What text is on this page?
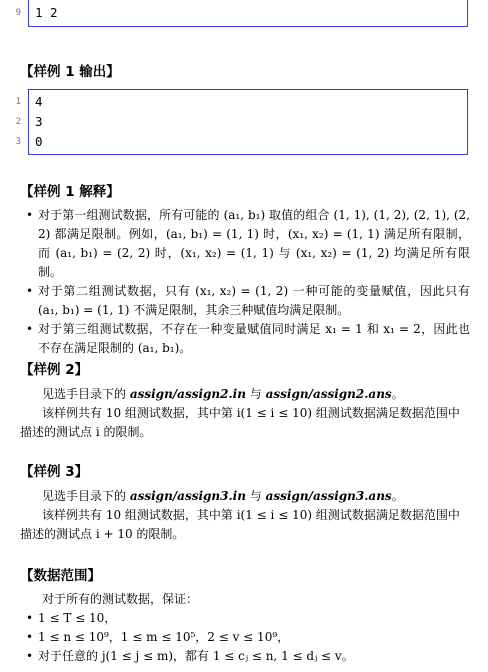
9 1 2
【样例 1 输出】
1 4
2 3
3 0
【样例 1 解释】
• 对于第一组测试数据，所有可能的 (a₁, b₁) 取值的组合 (1, 1), (1, 2), (2, 1), (2, 2) 都满足限制。例如，(a₁, b₁) = (1, 1) 时，(x₁, x₂) = (1, 1) 满足所有限制，而 (a₁, b₁) = (2, 2) 时，(x₁, x₂) = (1, 1) 与 (x₁, x₂) = (1, 2) 均满足所有限制。
• 对于第二组测试数据，只有 (x₁, x₂) = (1, 2) 一种可能的变量赋值，因此只有 (a₁, b₁) = (1, 1) 不满足限制，其余三种赋值均满足限制。
• 对于第三组测试数据，不存在一种变量赋值同时满足 x₁ = 1 和 x₁ = 2，因此也不存在满足限制的 (a₁, b₁)。
【样例 2】
见选手目录下的 assign/assign2.in 与 assign/assign2.ans。
该样例共有 10 组测试数据，其中第 i(1 ≤ i ≤ 10) 组测试数据满足数据范围中描述的测试点 i 的限制。
【样例 3】
见选手目录下的 assign/assign3.in 与 assign/assign3.ans。
该样例共有 10 组测试数据，其中第 i(1 ≤ i ≤ 10) 组测试数据满足数据范围中描述的测试点 i + 10 的限制。
【数据范围】
对于所有的测试数据，保证：
• 1 ≤ T ≤ 10，
• 1 ≤ n ≤ 10⁹，1 ≤ m ≤ 10⁵，2 ≤ v ≤ 10⁹，
• 对于任意的 j(1 ≤ j ≤ m)，都有 1 ≤ cⱼ ≤ n, 1 ≤ dⱼ ≤ v。
